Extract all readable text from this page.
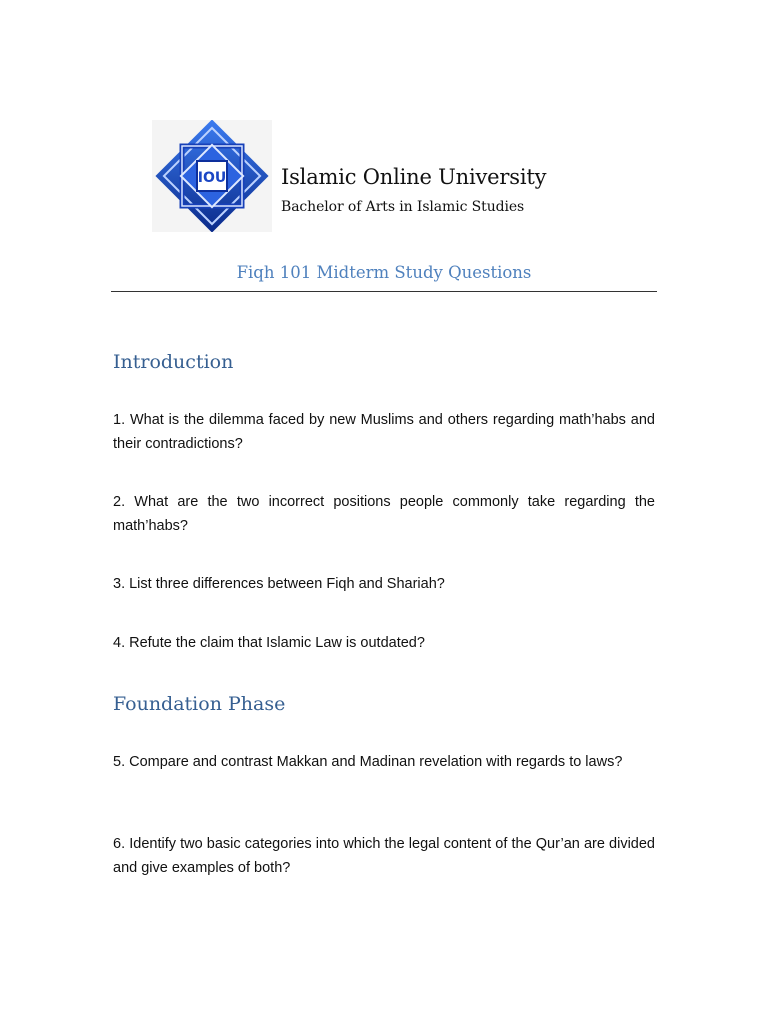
IOU	Islamic Online University
Bachelor of Arts in Islamic Studies
Fiqh 101 Midterm Study Questions
Introduction
1. What is the dilemma faced by new Muslims and others regarding math’habs and their contradictions?
2. What are the two incorrect positions people commonly take regarding the math’habs?
3. List three differences between Fiqh and Shariah?
4. Refute the claim that Islamic Law is outdated?
Foundation Phase
5. Compare and contrast Makkan and Madinan revelation with regards to laws?
6. Identify two basic categories into which the legal content of the Qur’an are divided and give examples of both?
